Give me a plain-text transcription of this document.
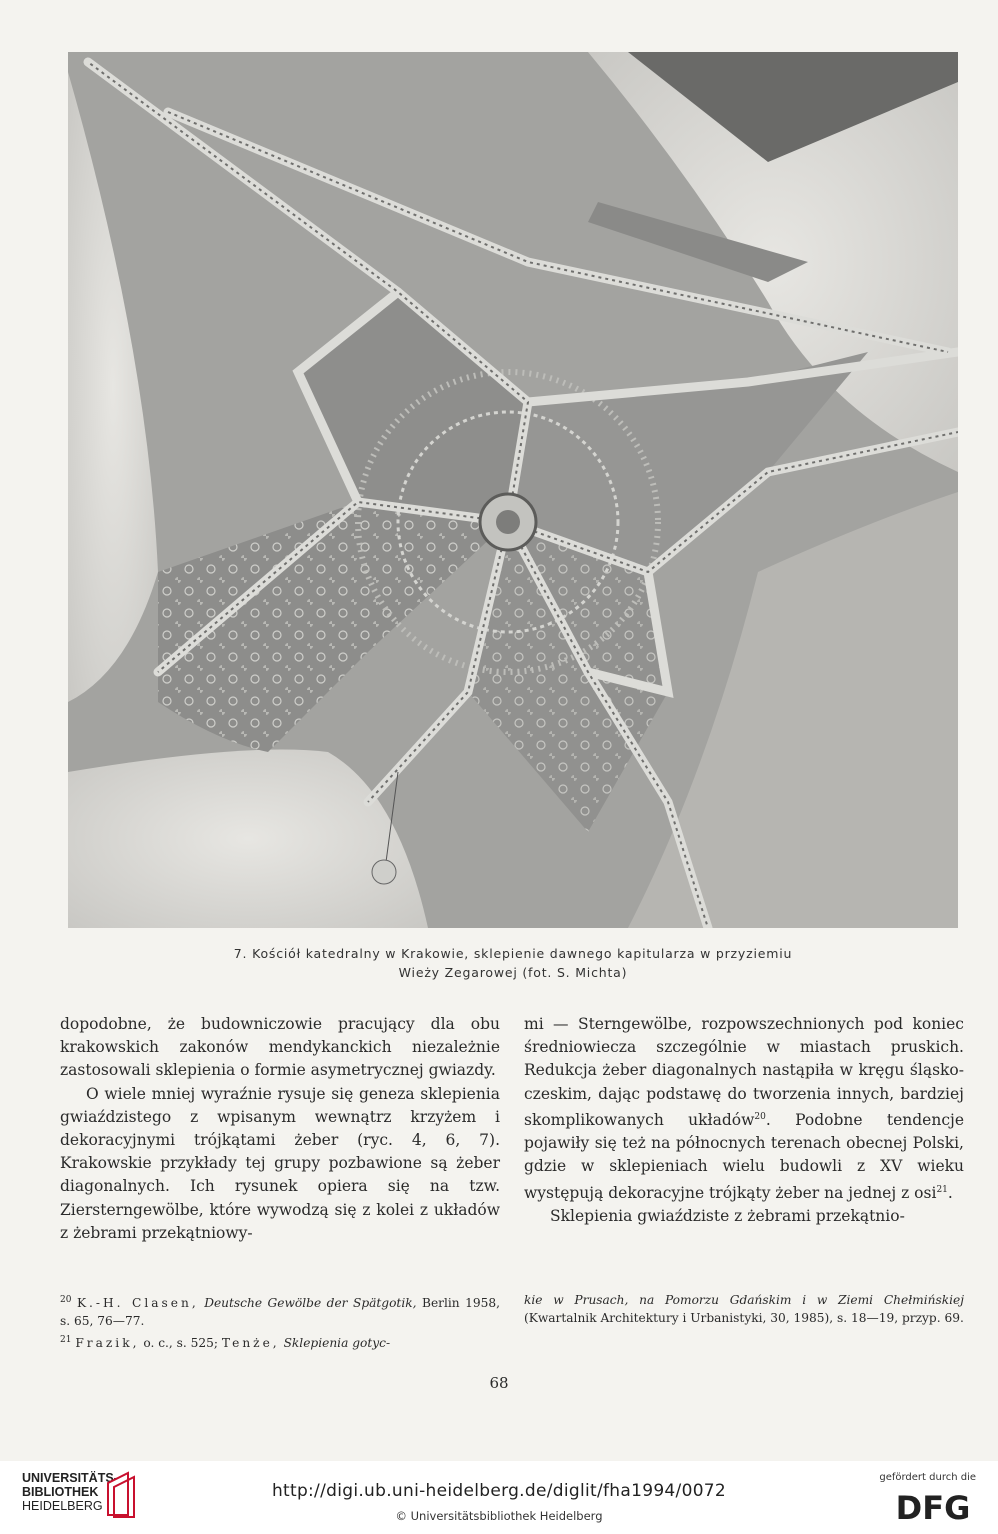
7. Kościół katedralny w Krakowie, sklepienie dawnego kapitularza w przyziemiu
Wieży Zegarowej (fot. S. Michta)

dopodobne, że budowniczowie pracujący dla obu krakowskich zakonów mendykanckich niezależnie zastosowali sklepienia o formie asymetrycznej gwiazdy.

O wiele mniej wyraźnie rysuje się geneza sklepienia gwiaździstego z wpisanym wewnątrz krzyżem i dekoracyjnymi trójkątami żeber (ryc. 4, 6, 7). Krakowskie przykłady tej grupy pozbawione są żeber diagonalnych. Ich rysunek opiera się na tzw. Ziersterngewölbe, które wywodzą się z kolei z układów z żebrami przekątniowy-

mi — Sterngewölbe, rozpowszechnionych pod koniec średniowiecza szczególnie w miastach pruskich. Redukcja żeber diagonalnych nastąpiła w kręgu śląsko-czeskim, dając podstawę do tworzenia innych, bardziej skomplikowanych układów$^{20}$. Podobne tendencje pojawiły się też na północnych terenach obecnej Polski, gdzie w sklepieniach wielu budowli z XV wieku występują dekoracyjne trójkąty żeber na jednej z osi$^{21}$.

Sklepienia gwiaździste z żebrami przekątnio-

$^{20}$ K.-H. Clasen, Deutsche Gewölbe der Spätgotik, Berlin 1958, s. 65, 76—77.

$^{21}$ Frazik, o. c., s. 525; Tenże, Sklepienia gotyc-

kie w Prusach, na Pomorzu Gdańskim i w Ziemi Chełmińskiej (Kwartalnik Architektury i Urbanistyki, 30, 1985), s. 18—19, przyp. 69.

68
UNIVERSITÄTS-
BIBLIOTHEK
HEIDELBERG
http://digi.ub.uni-heidelberg.de/diglit/fha1994/0072
© Universitätsbibliothek Heidelberg
gefördert durch die
DFG
